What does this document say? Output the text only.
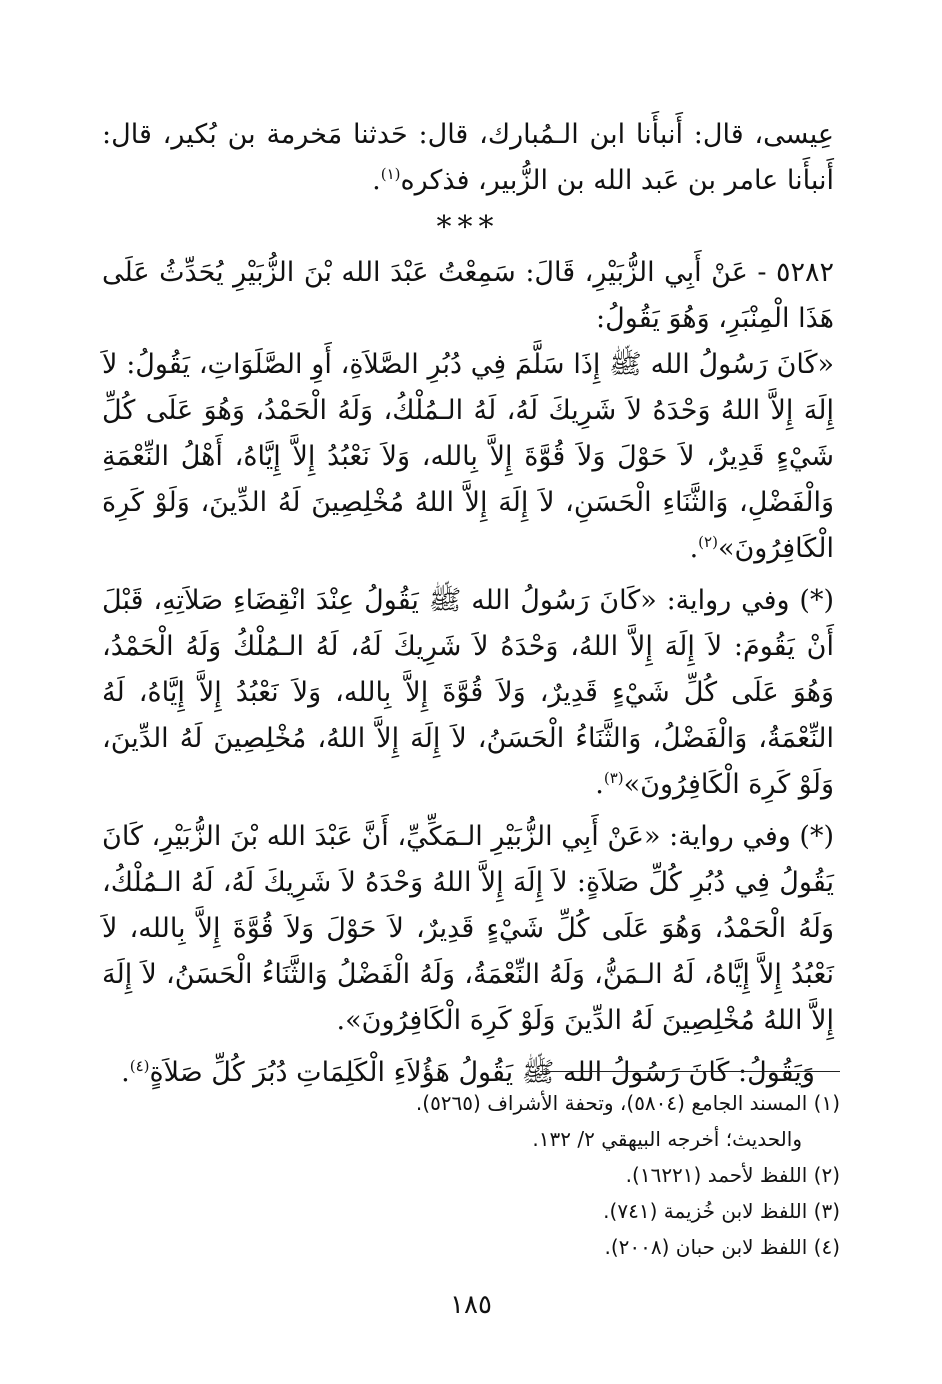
عِيسى، قال: أَنبأَنا ابن الـمُبارك، قال: حَدثنا مَخرمة بن بُكير، قال: أَنبأَنا عامر بن عَبد الله بن الزُّبير، فذكره$^{(١)}$.

***

٥٢٨٢ - عَنْ أَبِي الزُّبَيْرِ، قَالَ: سَمِعْتُ عَبْدَ الله بْنَ الزُّبَيْرِ يُحَدِّثُ عَلَى هَذَا الْمِنْبَرِ، وَهُوَ يَقُولُ:

«كَانَ رَسُولُ الله ﷺ إِذَا سَلَّمَ فِي دُبُرِ الصَّلاَةِ، أَوِ الصَّلَوَاتِ، يَقُولُ: لاَ إِلَهَ إِلاَّ اللهُ وَحْدَهُ لاَ شَرِيكَ لَهُ، لَهُ الـمُلْكُ، وَلَهُ الْحَمْدُ، وَهُوَ عَلَى كُلِّ شَيْءٍ قَدِيرٌ، لاَ حَوْلَ وَلاَ قُوَّةَ إِلاَّ بِالله، وَلاَ نَعْبُدُ إِلاَّ إِيَّاهُ، أَهْلُ النِّعْمَةِ وَالْفَضْلِ، وَالثَّنَاءِ الْحَسَنِ، لاَ إِلَهَ إِلاَّ اللهُ مُخْلِصِينَ لَهُ الدِّينَ، وَلَوْ كَرِهَ الْكَافِرُونَ»$^{(٢)}$.

(*) وفي رواية: «كَانَ رَسُولُ الله ﷺ يَقُولُ عِنْدَ انْقِضَاءِ صَلاَتِهِ، قَبْلَ أَنْ يَقُومَ: لاَ إِلَهَ إِلاَّ اللهُ، وَحْدَهُ لاَ شَرِيكَ لَهُ، لَهُ الـمُلْكُ وَلَهُ الْحَمْدُ، وَهُوَ عَلَى كُلِّ شَيْءٍ قَدِيرٌ، وَلاَ قُوَّةَ إِلاَّ بِالله، وَلاَ نَعْبُدُ إِلاَّ إِيَّاهُ، لَهُ النِّعْمَةُ، وَالْفَضْلُ، وَالثَّنَاءُ الْحَسَنُ، لاَ إِلَهَ إِلاَّ اللهُ، مُخْلِصِينَ لَهُ الدِّينَ، وَلَوْ كَرِهَ الْكَافِرُونَ»$^{(٣)}$.

(*) وفي رواية: «عَنْ أَبِي الزُّبَيْرِ الـمَكِّيِّ، أَنَّ عَبْدَ الله بْنَ الزُّبَيْرِ، كَانَ يَقُولُ فِي دُبُرِ كُلِّ صَلاَةٍ: لاَ إِلَهَ إِلاَّ اللهُ وَحْدَهُ لاَ شَرِيكَ لَهُ، لَهُ الـمُلْكُ، وَلَهُ الْحَمْدُ، وَهُوَ عَلَى كُلِّ شَيْءٍ قَدِيرٌ، لاَ حَوْلَ وَلاَ قُوَّةَ إِلاَّ بِالله، لاَ نَعْبُدُ إِلاَّ إِيَّاهُ، لَهُ الـمَنُّ، وَلَهُ النِّعْمَةُ، وَلَهُ الْفَضْلُ وَالثَّنَاءُ الْحَسَنُ، لاَ إِلَهَ إِلاَّ اللهُ مُخْلِصِينَ لَهُ الدِّينَ وَلَوْ كَرِهَ الْكَافِرُونَ».

وَيَقُولُ: كَانَ رَسُولُ الله ﷺ يَقُولُ هَؤُلاَءِ الْكَلِمَاتِ دُبُرَ كُلِّ صَلاَةٍ$^{(٤)}$.

(١) المسند الجامع (٥٨٠٤)، وتحفة الأشراف (٥٢٦٥).
والحديث؛ أخرجه البيهقي ٢/ ١٣٢.
(٢) اللفظ لأحمد (١٦٢٢١).
(٣) اللفظ لابن خُزيمة (٧٤١).
(٤) اللفظ لابن حبان (٢٠٠٨).
١٨٥
